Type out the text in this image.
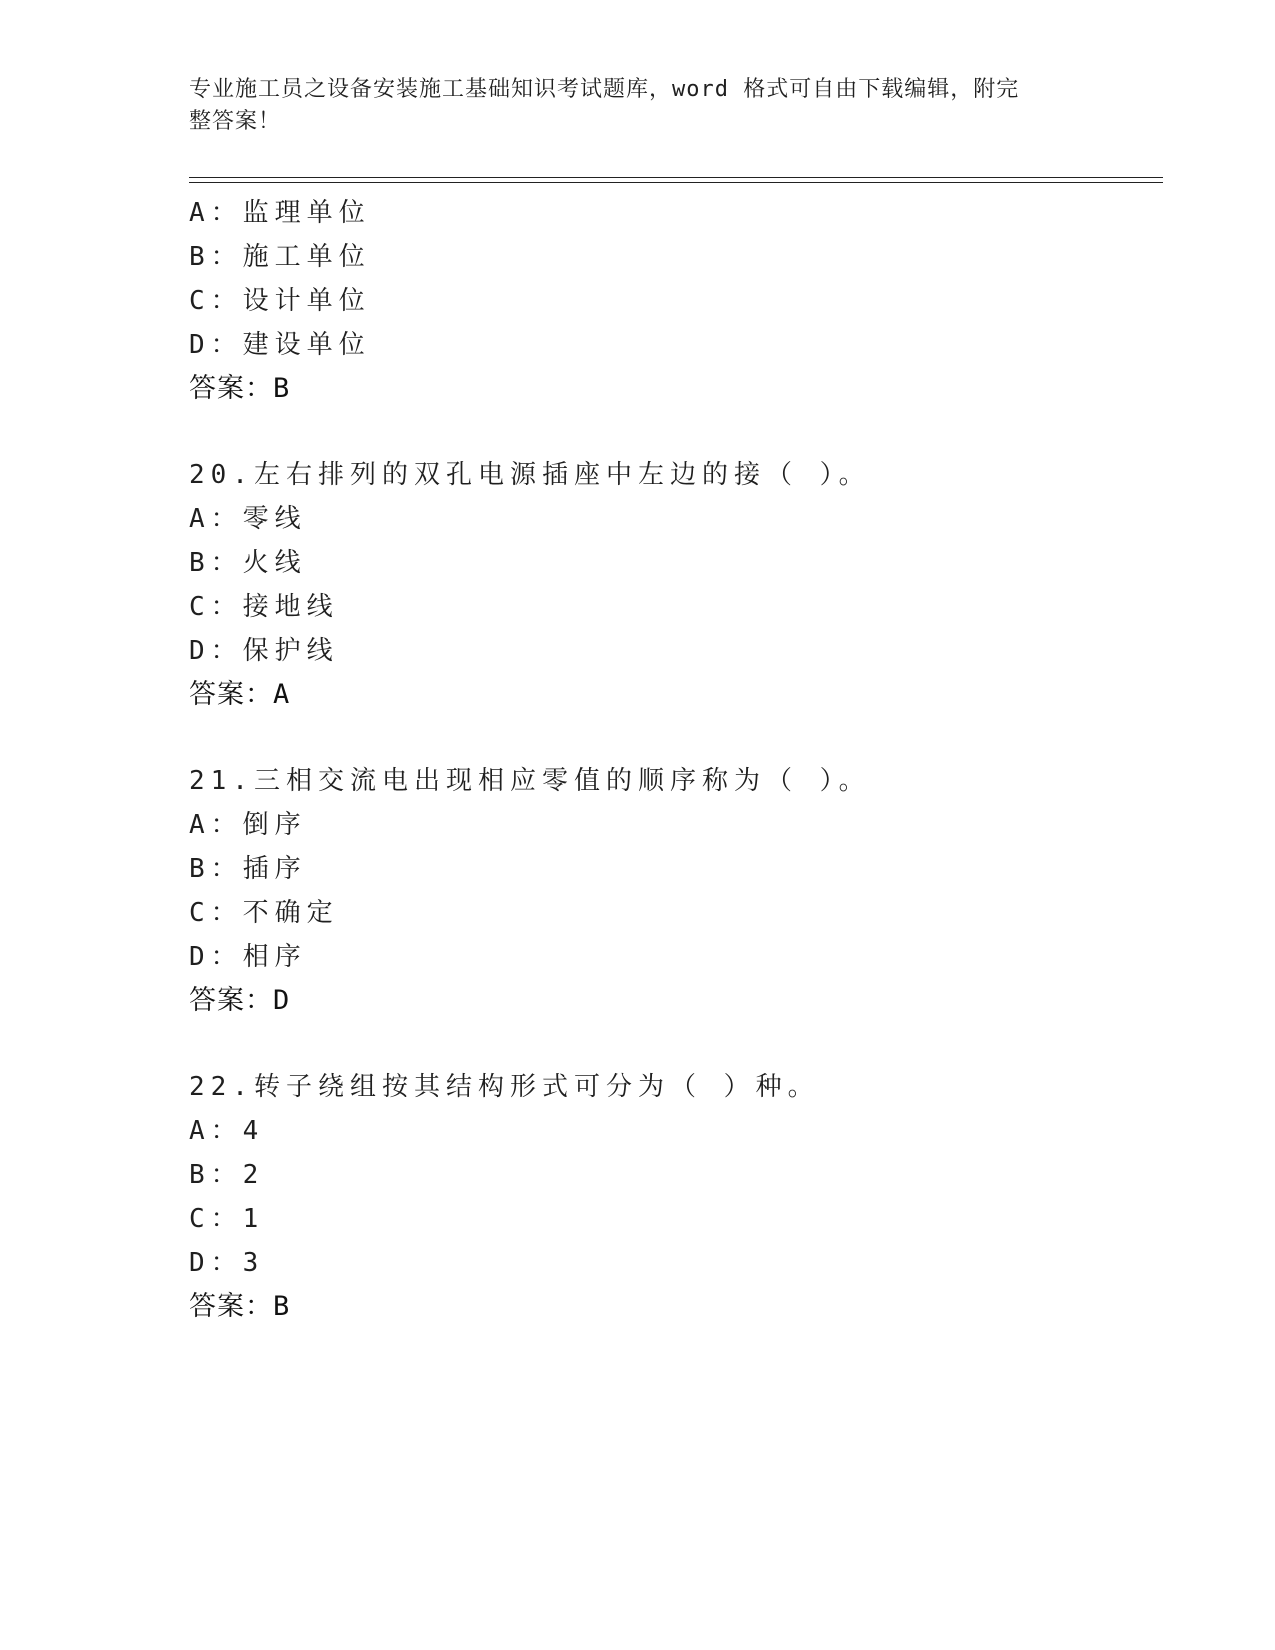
专业施工员之设备安装施工基础知识考试题库，word 格式可自由下载编辑，附完
整答案！
A：监理单位
B：施工单位
C：设计单位
D：建设单位
答案：B
20.左右排列的双孔电源插座中左边的接（ ）。
A：零线
B：火线
C：接地线
D：保护线
答案：A
21.三相交流电出现相应零值的顺序称为（ ）。
A：倒序
B：插序
C：不确定
D：相序
答案：D
22.转子绕组按其结构形式可分为（ ）种。
A：4
B：2
C：1
D：3
答案：B
